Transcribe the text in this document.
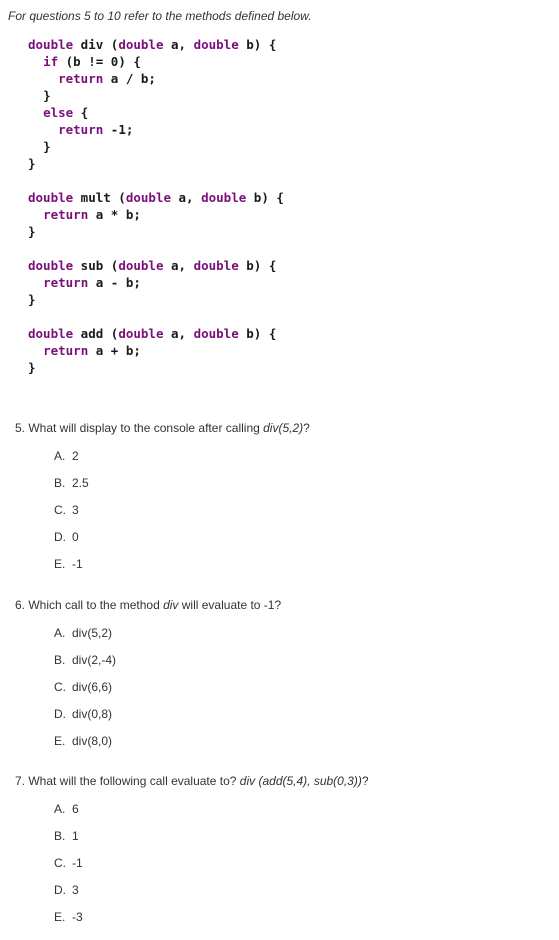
For questions 5 to 10 refer to the methods defined below.

double div (double a, double b) {
if (b != 0) {
return a / b;
}
else {
return -1;
}
}
double mult (double a, double b) {
return a * b;
}
double sub (double a, double b) {
return a - b;
}
double add (double a, double b) {
return a + b;
}
5. What will display to the console after calling div(5,2)?
A. 2
B. 2.5
C. 3
D. 0
E. -1
6. Which call to the method div will evaluate to -1?
A. div(5,2)
B. div(2,-4)
C. div(6,6)
D. div(0,8)
E. div(8,0)
7. What will the following call evaluate to? div (add(5,4), sub(0,3))?
A. 6
B. 1
C. -1
D. 3
E. -3
